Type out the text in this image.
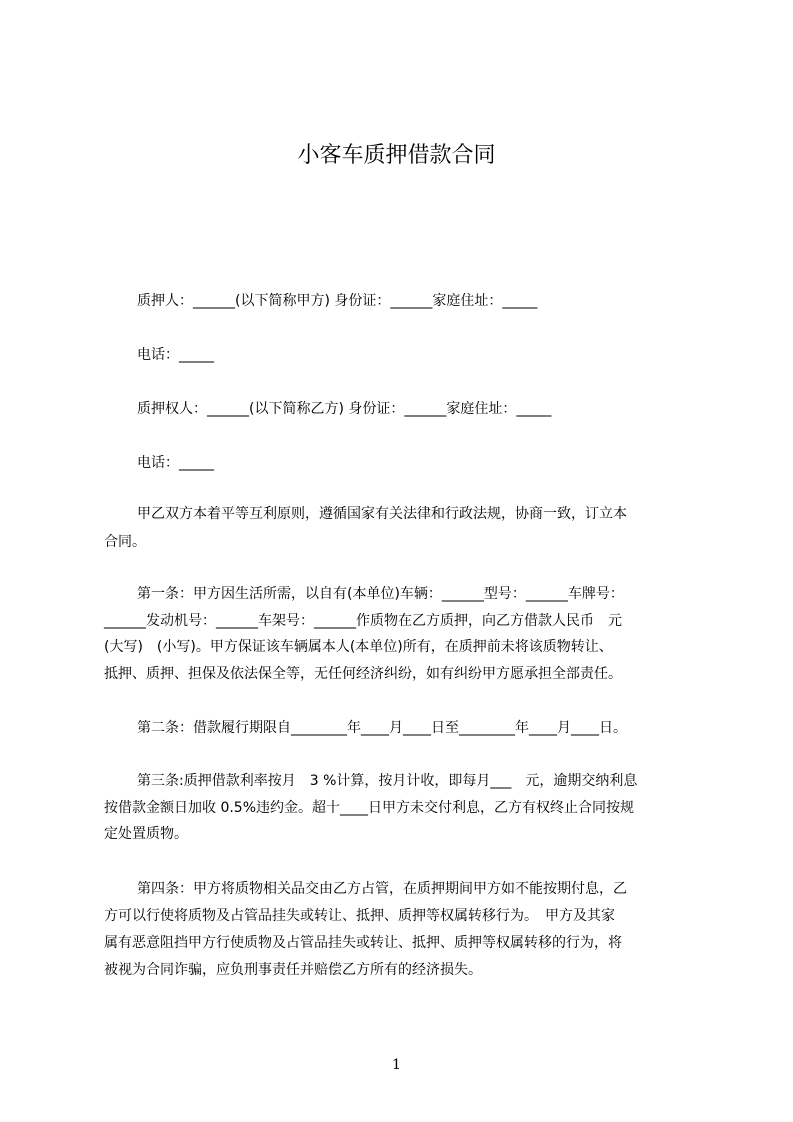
小客车质押借款合同

质押人：______(以下简称甲方) 身份证：______家庭住址：_____

电话：_____

质押权人：______(以下简称乙方) 身份证：______家庭住址：_____

电话：_____

甲乙双方本着平等互利原则，遵循国家有关法律和行政法规，协商一致，订立本

合同。

第一条：甲方因生活所需，以自有(本单位)车辆：______型号：______车牌号：

______发动机号：______车架号：______作质物在乙方质押，向乙方借款人民币　元

(大写)　(小写)。甲方保证该车辆属本人(本单位)所有，在质押前未将该质物转让、

抵押、质押、担保及依法保全等，无任何经济纠纷，如有纠纷甲方愿承担全部责任。

第二条：借款履行期限自________年____月____日至________年____月____日。

第三条:质押借款利率按月　3 %计算，按月计收，即每月___　元，逾期交纳利息

按借款金额日加收 0.5%违约金。超十____日甲方未交付利息，乙方有权终止合同按规

定处置质物。

第四条：甲方将质物相关品交由乙方占管，在质押期间甲方如不能按期付息，乙

方可以行使将质物及占管品挂失或转让、抵押、质押等权属转移行为。　甲方及其家

属有恶意阻挡甲方行使质物及占管品挂失或转让、抵押、质押等权属转移的行为，将

被视为合同诈骗，应负刑事责任并赔偿乙方所有的经济损失。

1
